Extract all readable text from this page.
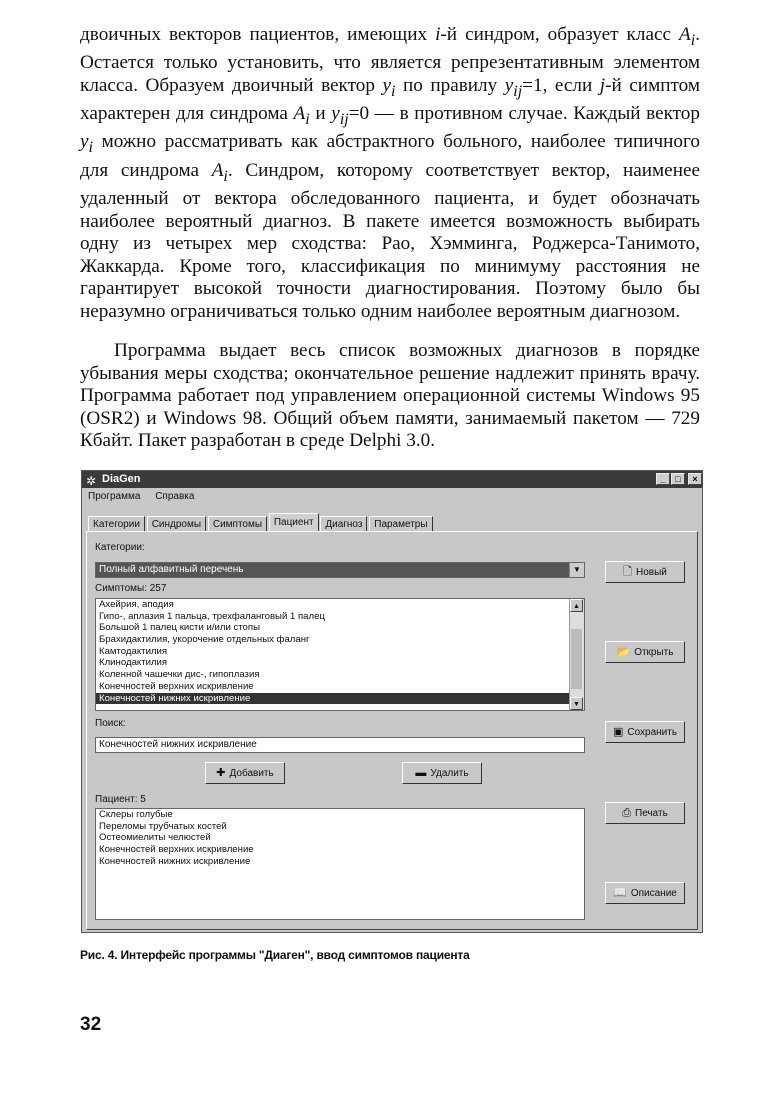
двоичных векторов пациентов, имеющих i-й синдром, образует класс $A_i$. Остается только установить, что является репрезентативным элементом класса. Образуем двоичный вектор $y_i$ по правилу $y_{ij}=1$, если j-й симптом характерен для синдрома $A_i$ и $y_{ij}=0$ — в противном случае. Каждый вектор $y_i$ можно рассматривать как абстрактного больного, наиболее типичного для синдрома $A_i$. Синдром, которому соответствует вектор, наименее удаленный от вектора обследованного пациента, и будет обозначать наиболее вероятный диагноз. В пакете имеется возможность выбирать одну из четырех мер сходства: Рао, Хэмминга, Роджерса-Танимото, Жаккарда. Кроме того, классификация по минимуму расстояния не гарантирует высокой точности диагностирования. Поэтому было бы неразумно ограничиваться только одним наиболее вероятным диагнозом.

Программа выдает весь список возможных диагнозов в порядке убывания меры сходства; окончательное решение надлежит принять врачу. Программа работает под управлением операционной системы Windows 95 (OSR2) и Windows 98. Общий объем памяти, занимаемый пакетом — 729 Кбайт. Пакет разработан в среде Delphi 3.0.

✲ DiaGen	_	□	×
Программа Справка
Категории Синдромы Симптомы Пациент Диагноз Параметры
Категории:
Полный алфавитный перечень	▼
Симптомы: 257
Ахейрия, аподия
Гипо-, аплазия 1 пальца, трехфаланговый 1 палец
Большой 1 палец кисти и/или стопы
Брахидактилия, укорочение отдельных фаланг
Камтодактилия
Клинодактилия
Коленной чашечки дис-, гипоплазия
Конечностей верхних искривление
Конечностей нижних искривление
▲
▼
Поиск:
Конечностей нижних искривление
✚ Добавить	▬ Удалить
Пациент: 5
Склеры голубые
Переломы трубчатых костей
Остеомиелиты челюстей
Конечностей верхних искривление
Конечностей нижних искривление
🗋 Новый
📂 Открыть
▣ Сохранить
⎙ Печать
📖 Описание
Рис. 4. Интерфейс программы "Диаген", ввод симптомов пациента
32
